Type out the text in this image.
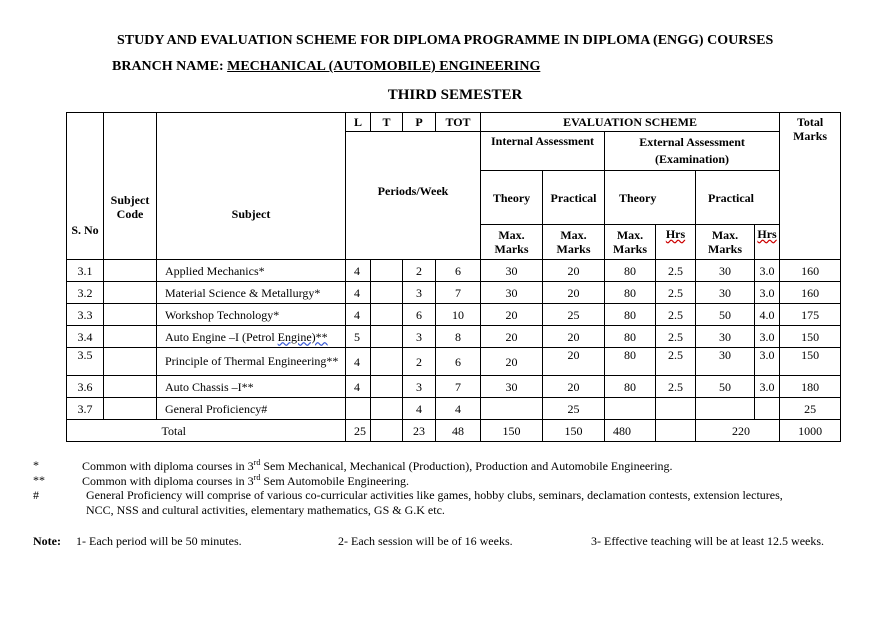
STUDY AND EVALUATION SCHEME FOR DIPLOMA PROGRAMME IN DIPLOMA (ENGG) COURSES
BRANCH NAME: MECHANICAL (AUTOMOBILE) ENGINEERING
THIRD SEMESTER
S. No	Subject Code	Subject	L	T	P	TOT	EVALUATION SCHEME						Total Marks
			Periods/Week				Internal Assessment		External Assessment (Examination)				
							Theory	Practical	Theory		Practical		
							Max. Marks	Max. Marks	Max. Marks	Hrs	Max. Marks	Hrs	
3.1		Applied Mechanics*	4		2	6	30	20	80	2.5	30	3.0	160
3.2		Material Science & Metallurgy*	4		3	7	30	20	80	2.5	30	3.0	160
3.3		Workshop Technology*	4		6	10	20	25	80	2.5	50	4.0	175
3.4		Auto Engine –I (Petrol Engine)**	5		3	8	20	20	80	2.5	30	3.0	150
3.5		Principle of Thermal Engineering**	4		2	6	20	20	80	2.5	30	3.0	150
3.6		Auto Chassis –I**	4		3	7	30	20	80	2.5	50	3.0	180
3.7		General Proficiency#			4	4		25					25
	Total		25		23	48	150	150	480		220		1000
*	Common with diploma courses in 3rd Sem Mechanical, Mechanical (Production), Production and Automobile Engineering.
**	Common with diploma courses in 3rd Sem Automobile Engineering.
#	General Proficiency will comprise of various co-curricular activities like games, hobby clubs, seminars, declamation contests, extension lectures,
NCC, NSS and cultural activities, elementary mathematics, GS & G.K etc.
Note: 1- Each period will be 50 minutes.	2- Each session will be of 16 weeks.	3- Effective teaching will be at least 12.5 weeks.
